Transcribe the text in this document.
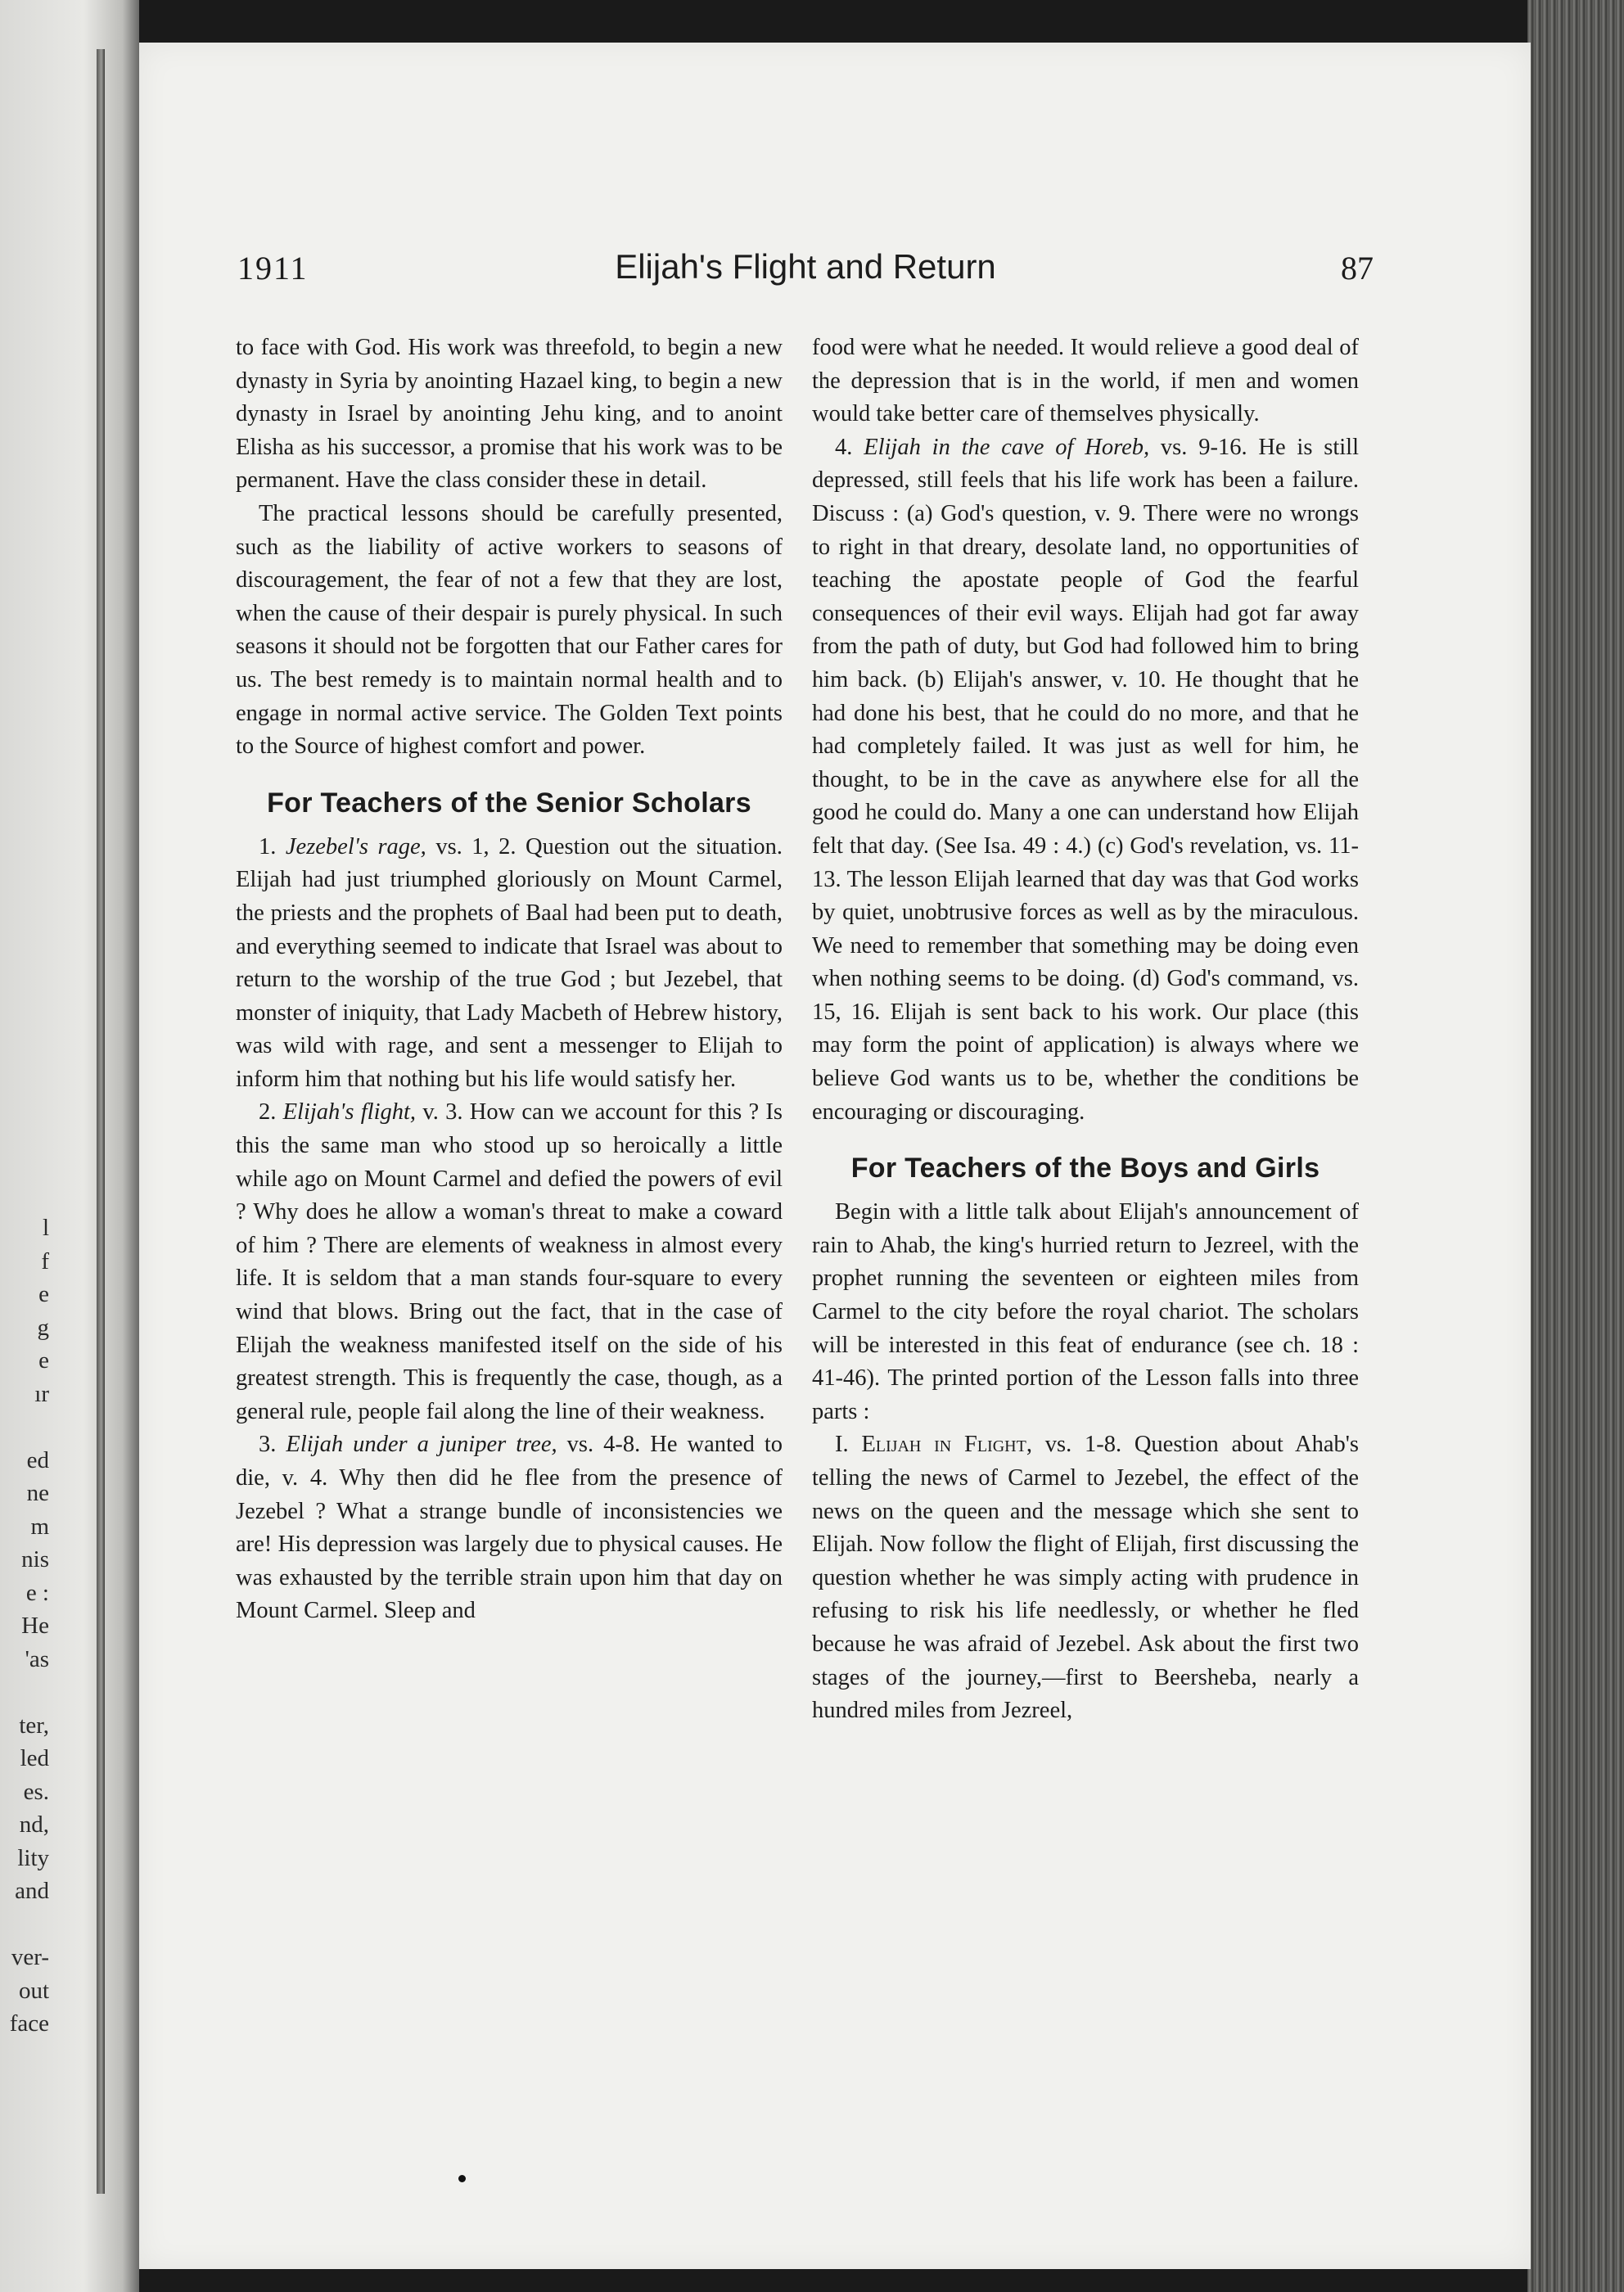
l
f
e
g
e
ır

ed
ne
m
nis
e :
He
'as

ter,
led
es.
nd,
lity
and

ver-
out
face
1911	Elijah's Flight and Return	87

to face with God. His work was threefold, to begin a new dynasty in Syria by anointing Hazael king, to begin a new dynasty in Israel by anointing Jehu king, and to anoint Elisha as his successor, a promise that his work was to be permanent. Have the class consider these in detail.

The practical lessons should be carefully presented, such as the liability of active workers to seasons of discouragement, the fear of not a few that they are lost, when the cause of their despair is purely physical. In such seasons it should not be forgotten that our Father cares for us. The best remedy is to maintain normal health and to engage in normal active service. The Golden Text points to the Source of highest comfort and power.

For Teachers of the Senior Scholars

1. Jezebel's rage, vs. 1, 2. Question out the situation. Elijah had just triumphed gloriously on Mount Carmel, the priests and the prophets of Baal had been put to death, and everything seemed to indicate that Israel was about to return to the worship of the true God ; but Jezebel, that monster of iniquity, that Lady Macbeth of Hebrew history, was wild with rage, and sent a messenger to Elijah to inform him that nothing but his life would satisfy her.

2. Elijah's flight, v. 3. How can we account for this ? Is this the same man who stood up so heroically a little while ago on Mount Carmel and defied the powers of evil ? Why does he allow a woman's threat to make a coward of him ? There are elements of weakness in almost every life. It is seldom that a man stands four-square to every wind that blows. Bring out the fact, that in the case of Elijah the weakness manifested itself on the side of his greatest strength. This is frequently the case, though, as a general rule, people fail along the line of their weakness.

3. Elijah under a juniper tree, vs. 4-8. He wanted to die, v. 4. Why then did he flee from the presence of Jezebel ? What a strange bundle of inconsistencies we are! His depression was largely due to physical causes. He was exhausted by the terrible strain upon him that day on Mount Carmel. Sleep and

food were what he needed. It would relieve a good deal of the depression that is in the world, if men and women would take better care of themselves physically.

4. Elijah in the cave of Horeb, vs. 9-16. He is still depressed, still feels that his life work has been a failure. Discuss : (a) God's question, v. 9. There were no wrongs to right in that dreary, desolate land, no opportunities of teaching the apostate people of God the fearful consequences of their evil ways. Elijah had got far away from the path of duty, but God had followed him to bring him back. (b) Elijah's answer, v. 10. He thought that he had done his best, that he could do no more, and that he had completely failed. It was just as well for him, he thought, to be in the cave as anywhere else for all the good he could do. Many a one can understand how Elijah felt that day. (See Isa. 49 : 4.) (c) God's revelation, vs. 11-13. The lesson Elijah learned that day was that God works by quiet, unobtrusive forces as well as by the miraculous. We need to remember that something may be doing even when nothing seems to be doing. (d) God's command, vs. 15, 16. Elijah is sent back to his work. Our place (this may form the point of application) is always where we believe God wants us to be, whether the conditions be encouraging or discouraging.

For Teachers of the Boys and Girls

Begin with a little talk about Elijah's announcement of rain to Ahab, the king's hurried return to Jezreel, with the prophet running the seventeen or eighteen miles from Carmel to the city before the royal chariot. The scholars will be interested in this feat of endurance (see ch. 18 : 41-46). The printed portion of the Lesson falls into three parts :

I. Elijah in Flight, vs. 1-8. Question about Ahab's telling the news of Carmel to Jezebel, the effect of the news on the queen and the message which she sent to Elijah. Now follow the flight of Elijah, first discussing the question whether he was simply acting with prudence in refusing to risk his life needlessly, or whether he fled because he was afraid of Jezebel. Ask about the first two stages of the journey,—first to Beersheba, nearly a hundred miles from Jezreel,
